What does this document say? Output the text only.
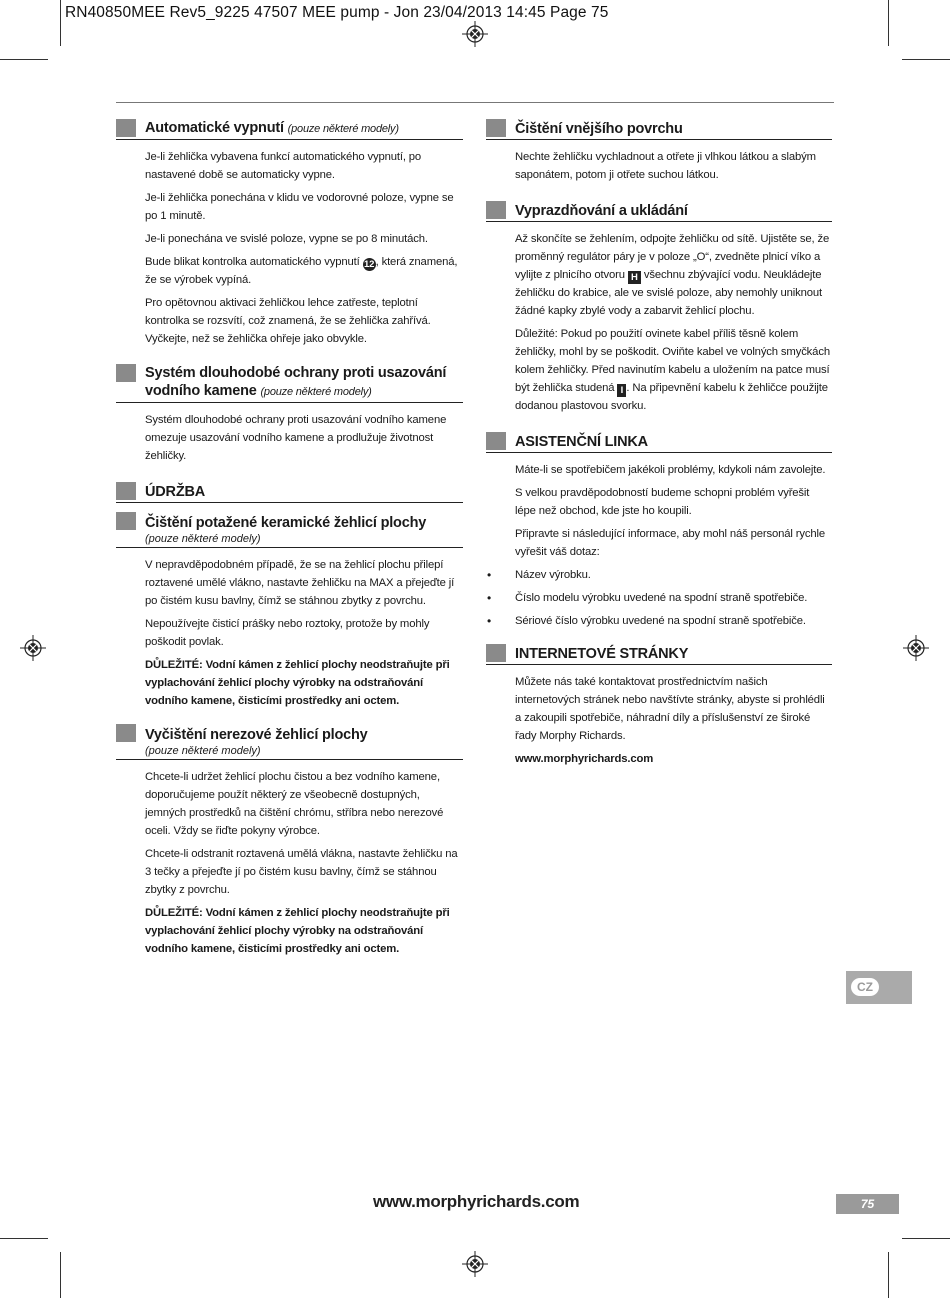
RN40850MEE Rev5_9225 47507 MEE pump - Jon 23/04/2013 14:45 Page 75
Automatické vypnutí (pouze některé modely)

Je-li žehlička vybavena funkcí automatického vypnutí, po nastavené době se automaticky vypne.

Je-li žehlička ponechána v klidu ve vodorovné poloze, vypne se po 1 minutě.

Je-li ponechána ve svislé poloze, vypne se po 8 minutách.

Bude blikat kontrolka automatického vypnutí 12, která znamená, že se výrobek vypíná.

Pro opětovnou aktivaci žehličkou lehce zatřeste, teplotní kontrolka se rozsvítí, což znamená, že se žehlička zahřívá. Vyčkejte, než se žehlička ohřeje jako obvykle.

Systém dlouhodobé ochrany proti usazování vodního kamene (pouze některé modely)

Systém dlouhodobé ochrany proti usazování vodního kamene omezuje usazování vodního kamene a prodlužuje životnost žehličky.

ÚDRŽBA
Čištění potažené keramické žehlicí plochy
(pouze některé modely)

V nepravděpodobném případě, že se na žehlicí plochu přilepí roztavené umělé vlákno, nastavte žehličku na MAX a přejeďte jí po čistém kusu bavlny, čímž se stáhnou zbytky z povrchu.

Nepoužívejte čisticí prášky nebo roztoky, protože by mohly poškodit povlak.

DŮLEŽITÉ: Vodní kámen z žehlicí plochy neodstraňujte při vyplachování žehlicí plochy výrobky na odstraňování vodního kamene, čisticími prostředky ani octem.

Vyčištění nerezové žehlicí plochy
(pouze některé modely)

Chcete-li udržet žehlicí plochu čistou a bez vodního kamene, doporučujeme použít některý ze všeobecně dostupných, jemných prostředků na čištění chrómu, stříbra nebo nerezové oceli. Vždy se řiďte pokyny výrobce.

Chcete-li odstranit roztavená umělá vlákna, nastavte žehličku na 3 tečky a přejeďte jí po čistém kusu bavlny, čímž se stáhnou zbytky z povrchu.

DŮLEŽITÉ: Vodní kámen z žehlicí plochy neodstraňujte při vyplachování žehlicí plochy výrobky na odstraňování vodního kamene, čisticími prostředky ani octem.

Čištění vnějšího povrchu

Nechte žehličku vychladnout a otřete ji vlhkou látkou a slabým saponátem, potom ji otřete suchou látkou.

Vyprazdňování a ukládání

Až skončíte se žehlením, odpojte žehličku od sítě. Ujistěte se, že proměnný regulátor páry je v poloze „O“, zvedněte plnicí víko a vylijte z plnicího otvoru H všechnu zbývající vodu. Neukládejte žehličku do krabice, ale ve svislé poloze, aby nemohly uniknout žádné kapky zbylé vody a zabarvit žehlicí plochu.

Důležité: Pokud po použití ovinete kabel příliš těsně kolem žehličky, mohl by se poškodit. Oviňte kabel ve volných smyčkách kolem žehličky. Před navinutím kabelu a uložením na patce musí být žehlička studená I . Na připevnění kabelu k žehličce použijte dodanou plastovou svorku.

ASISTENČNÍ LINKA

Máte-li se spotřebičem jakékoli problémy, kdykoli nám zavolejte.

S velkou pravděpodobností budeme schopni problém vyřešit lépe než obchod, kde jste ho koupili.

Připravte si následující informace, aby mohl náš personál rychle vyřešit váš dotaz:

• Název výrobku.
• Číslo modelu výrobku uvedené na spodní straně spotřebiče.
• Sériové číslo výrobku uvedené na spodní straně spotřebiče.
INTERNETOVÉ STRÁNKY

Můžete nás také kontaktovat prostřednictvím našich internetových stránek nebo navštívte stránky, abyste si prohlédli a zakoupili spotřebiče, náhradní díly a příslušenství ze široké řady Morphy Richards.

www.morphyrichards.com

CZ
www.morphyrichards.com	75
